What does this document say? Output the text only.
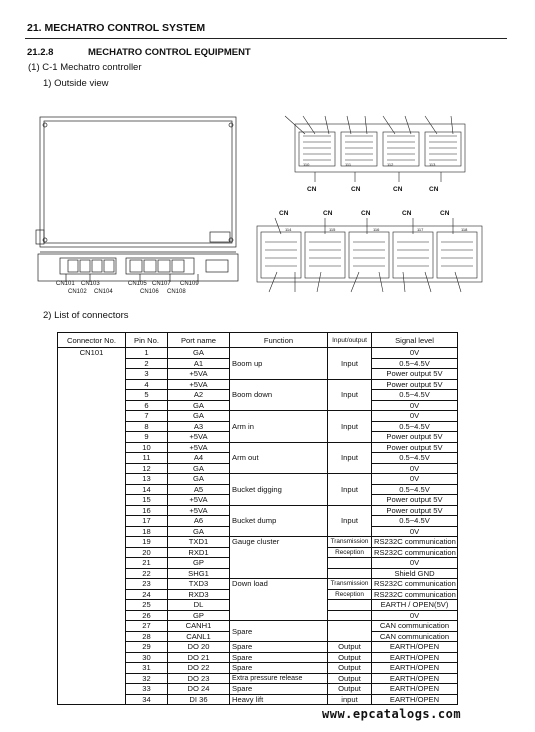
21. MECHATRO CONTROL SYSTEM
21.2.8	MECHATRO CONTROL EQUIPMENT
(1) C-1 Mechatro controller
1) Outside view
CN101 CN103	CN105 CN107 CN109
CN102 CN104	CN106 CN108
CN	CN	CN	CN
CN	CN	CN	CN	CN
110	111	112	113
114	115	116	117	118
2) List of connectors
Connector No.	Pin No.	Port name	Function	Input/output	Signal level
CN101	1	GA	Boom up	Input	0V
	2	A1			0.5~4.5V
	3	+5VA			Power output 5V
	4	+5VA	Boom down	Input	Power output 5V
	5	A2			0.5~4.5V
	6	GA			0V
	7	GA	Arm in	Input	0V
	8	A3			0.5~4.5V
	9	+5VA			Power output 5V
	10	+5VA	Arm out	Input	Power output 5V
	11	A4			0.5~4.5V
	12	GA			0V
	13	GA	Bucket digging	Input	0V
	14	A5			0.5~4.5V
	15	+5VA			Power output 5V
	16	+5VA	Bucket dump	Input	Power output 5V
	17	A6			0.5~4.5V
	18	GA			0V
	19	TXD1	Gauge cluster	Transmission	RS232C communication
	20	RXD1		Reception	RS232C communication
	21	GP			0V
	22	SHG1			Shield GND
	23	TXD3	Down load	Transmission	RS232C communication
	24	RXD3		Reception	RS232C communication
	25	DL			EARTH / OPEN(5V)
	26	GP			0V
	27	CANH1	Spare		CAN communication
	28	CANL1			CAN communication
	29	DO 20	Spare	Output	EARTH/OPEN
	30	DO 21	Spare	Output	EARTH/OPEN
	31	DO 22	Spare	Output	EARTH/OPEN
	32	DO 23	Extra pressure release	Output	EARTH/OPEN
	33	DO 24	Spare	Output	EARTH/OPEN
	34	DI 36	Heavy lift	input	EARTH/OPEN
www.epcatalogs.com
